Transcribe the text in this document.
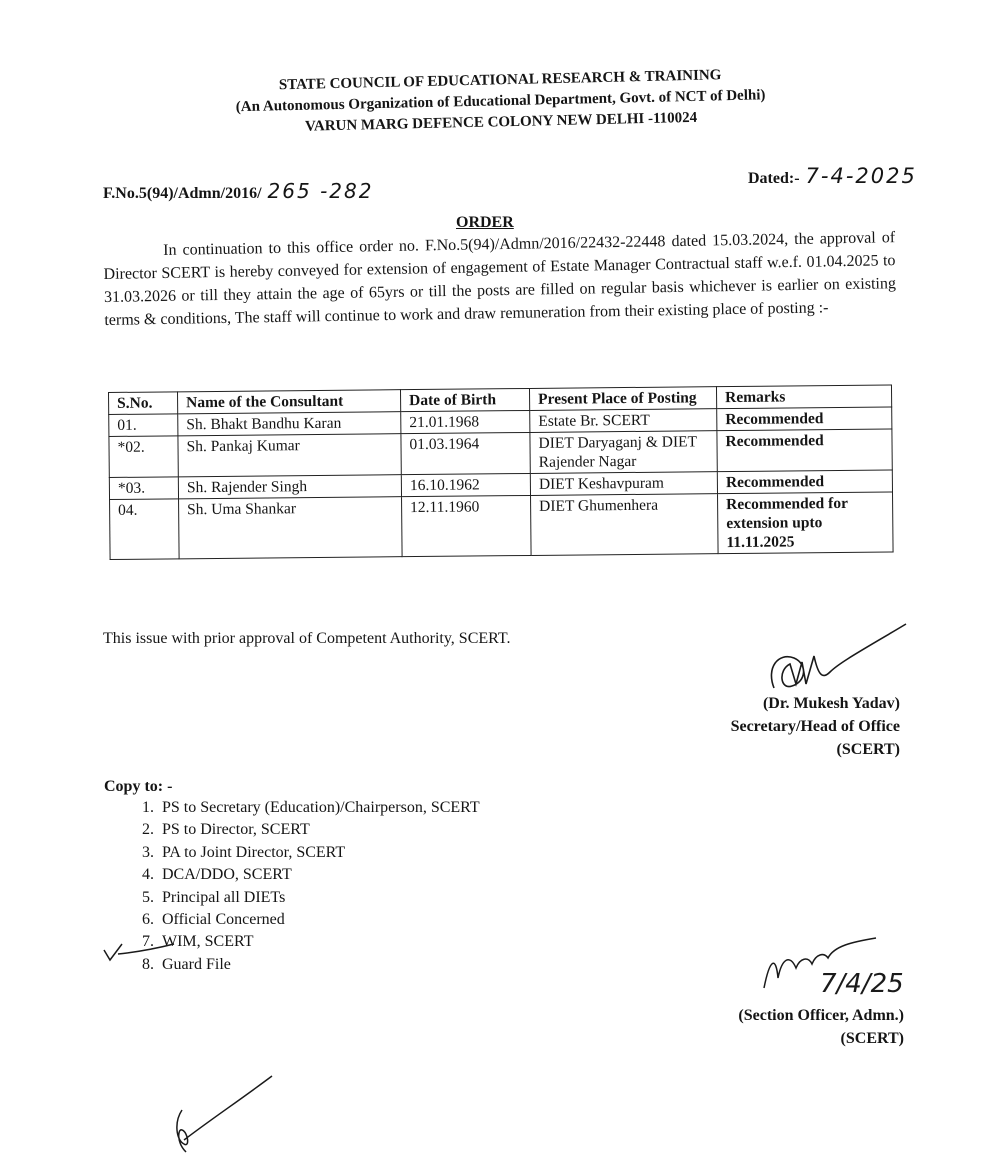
STATE COUNCIL OF EDUCATIONAL RESEARCH & TRAINING
(An Autonomous Organization of Educational Department, Govt. of NCT of Delhi)
VARUN MARG DEFENCE COLONY NEW DELHI -110024
F.No.5(94)/Admn/2016/ 265 -282
Dated:- 7-4-2025
ORDER

In continuation to this office order no. F.No.5(94)/Admn/2016/22432-22448 dated 15.03.2024, the approval of Director SCERT is hereby conveyed for extension of engagement of Estate Manager Contractual staff w.e.f. 01.04.2025 to 31.03.2026 or till they attain the age of 65yrs or till the posts are filled on regular basis whichever is earlier on existing terms & conditions, The staff will continue to work and draw remuneration from their existing place of posting :-

S.No.	Name of the Consultant	Date of Birth	Present Place of Posting	Remarks
01.	Sh. Bhakt Bandhu Karan	21.01.1968	Estate Br. SCERT	Recommended
*02.	Sh. Pankaj Kumar	01.03.1964	DIET Daryaganj & DIET Rajender Nagar	Recommended
*03.	Sh. Rajender Singh	16.10.1962	DIET Keshavpuram	Recommended
04.	Sh. Uma Shankar	12.11.1960	DIET Ghumenhera	Recommended for extension upto 11.11.2025
This issue with prior approval of Competent Authority, SCERT.
(Dr. Mukesh Yadav)
Secretary/Head of Office
(SCERT)
Copy to: -
1. PS to Secretary (Education)/Chairperson, SCERT
2. PS to Director, SCERT
3. PA to Joint Director, SCERT
4. DCA/DDO, SCERT
5. Principal all DIETs
6. Official Concerned
7. WIM, SCERT
8. Guard File
7/4/25
(Section Officer, Admn.)
(SCERT)
